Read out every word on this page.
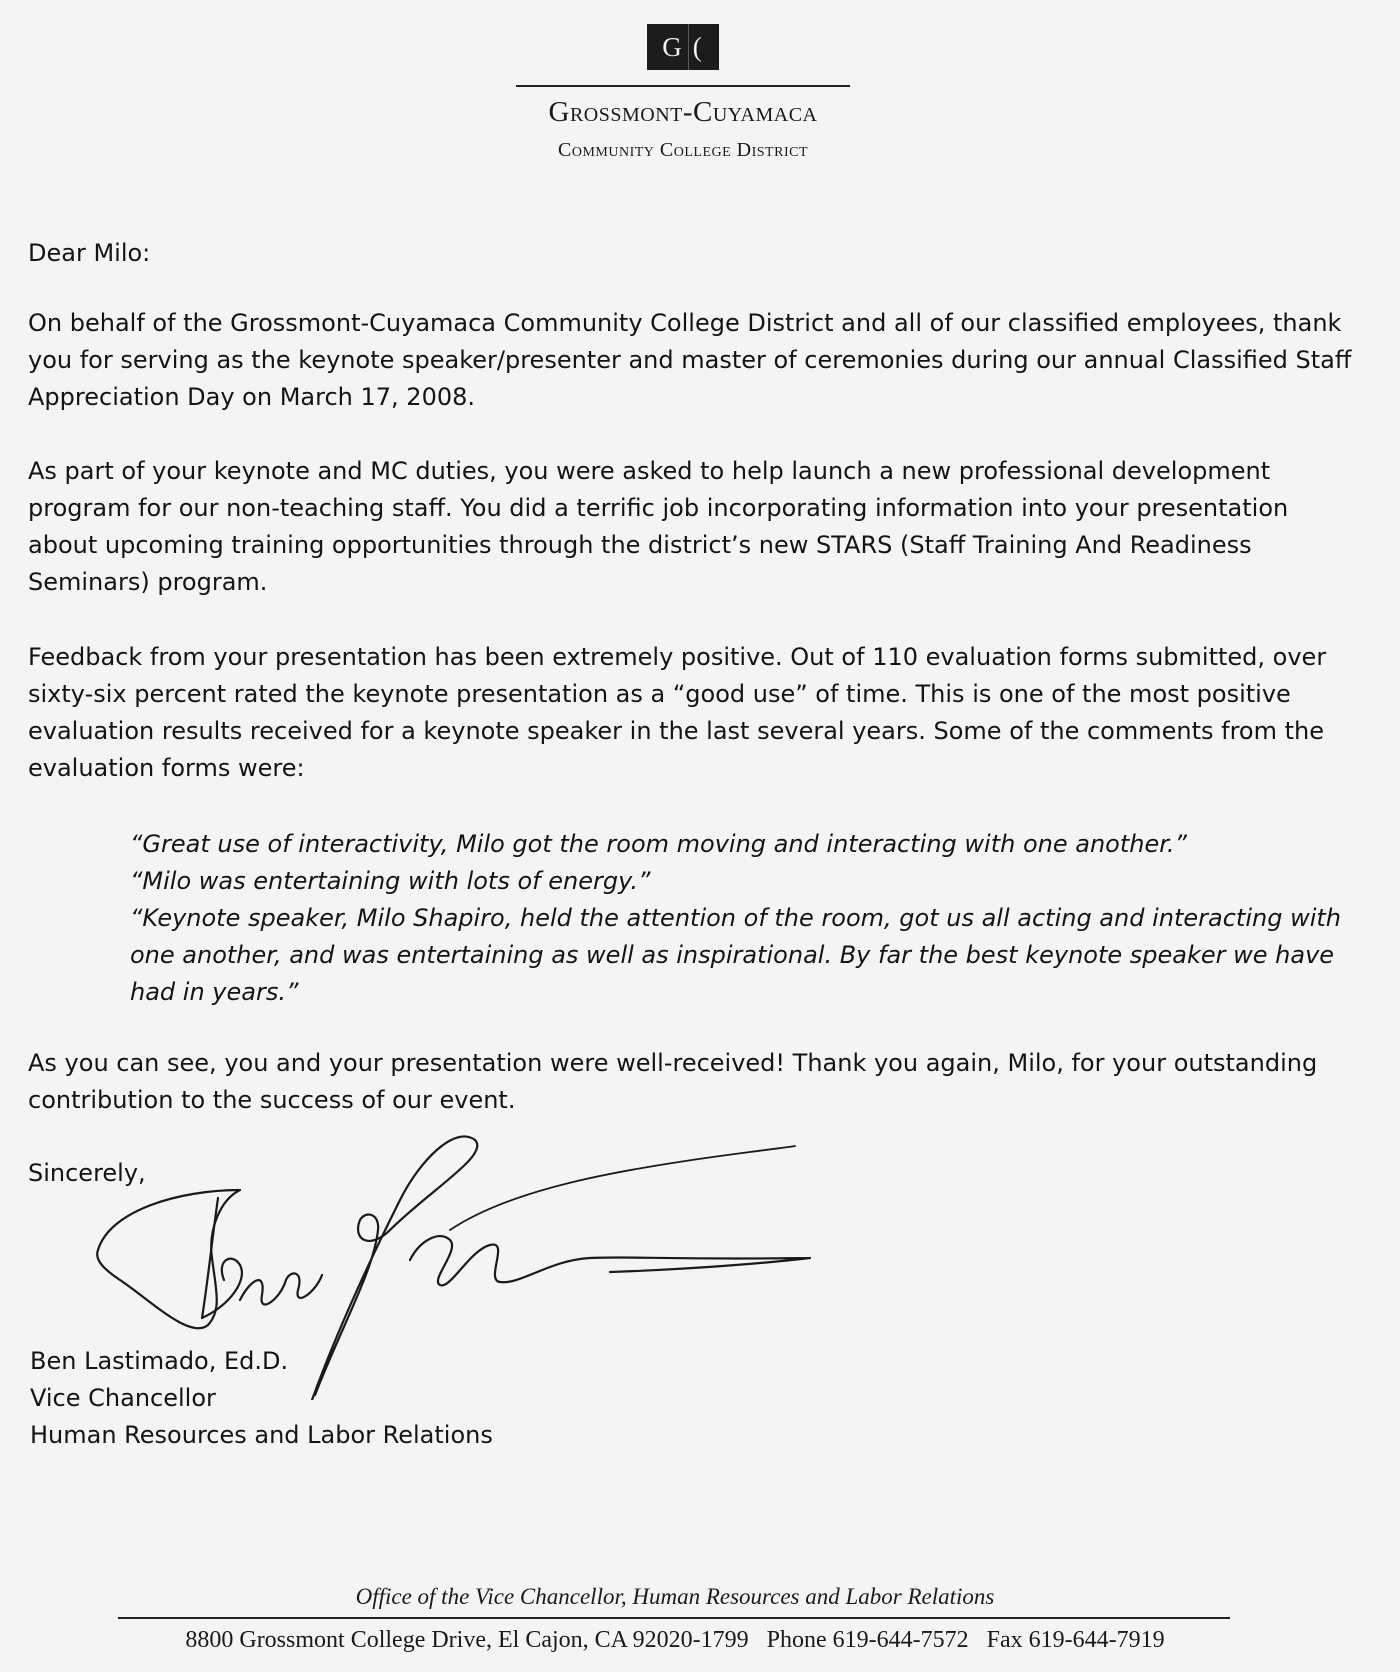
G (
Grossmont-Cuyamaca
Community College District

Dear Milo:

On behalf of the Grossmont-Cuyamaca Community College District and all of our classified employees, thank you for serving as the keynote speaker/presenter and master of ceremonies during our annual Classified Staff Appreciation Day on March 17, 2008.

As part of your keynote and MC duties, you were asked to help launch a new professional development program for our non-teaching staff. You did a terrific job incorporating information into your presentation about upcoming training opportunities through the district’s new STARS (Staff Training And Readiness Seminars) program.

Feedback from your presentation has been extremely positive. Out of 110 evaluation forms submitted, over sixty-six percent rated the keynote presentation as a “good use” of time. This is one of the most positive evaluation results received for a keynote speaker in the last several years. Some of the comments from the evaluation forms were:

“Great use of interactivity, Milo got the room moving and interacting with one another.”

“Milo was entertaining with lots of energy.”

“Keynote speaker, Milo Shapiro, held the attention of the room, got us all acting and interacting with one another, and was entertaining as well as inspirational. By far the best keynote speaker we have had in years.”

As you can see, you and your presentation were well-received! Thank you again, Milo, for your outstanding contribution to the success of our event.

Sincerely,

Ben Lastimado, Ed.D.
Vice Chancellor
Human Resources and Labor Relations
Office of the Vice Chancellor, Human Resources and Labor Relations
8800 Grossmont College Drive, El Cajon, CA 92020-1799 Phone 619-644-7572 Fax 619-644-7919
